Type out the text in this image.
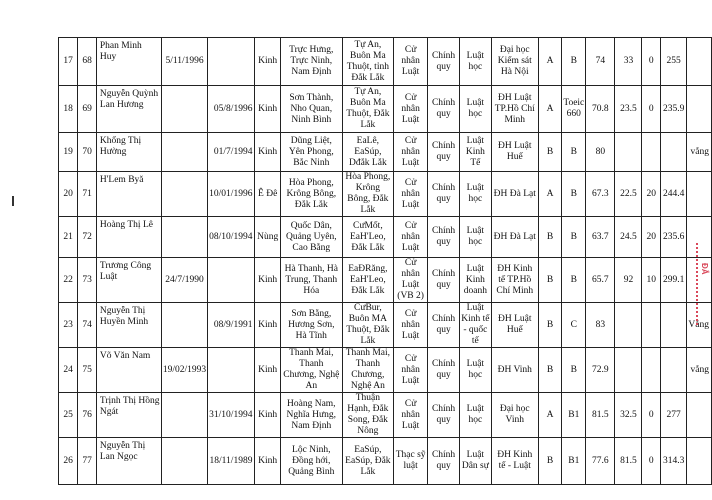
17	68	Phan Minh Huy	5/11/1996		Kinh	Trực Hưng, Trực Ninh, Nam Định	Tự An, Buôn Ma Thuột, tỉnh Đắk Lắk	Cử nhân Luật	Chính quy	Luật học	Đại học Kiểm sát Hà Nội	A	B	74	33	0	255	
18	69	Nguyễn Quỳnh Lan Hương		05/8/1996	Kinh	Sơn Thành, Nho Quan, Ninh Bình	Tự An, Buôn Ma Thuột, Đắk Lắk	Cử nhân Luật	Chính quy	Luật học	ĐH Luật TP.Hồ Chí Minh	A	Toeic 660	70.8	23.5	0	235.9	
19	70	Khổng Thị Hường		01/7/1994	Kinh	Dũng Liệt, Yên Phong, Bắc Ninh	EaLê, EaSúp, Dđắk Lắk	Cử nhân Luật	Chính quy	Luật Kinh Tế	ĐH Luật Huế	B	B	80				vắng
20	71	H'Lem Byă		10/01/1996	Ê Đê	Hòa Phong, Krông Bông, Đắk Lắk	Hòa Phong, Krông Bông, Đắk Lắk	Cử nhân Luật	Chính quy	Luật học	ĐH Đà Lạt	A	B	67.3	22.5	20	244.4	
21	72	Hoàng Thị Lê		08/10/1994	Nùng	Quốc Dân, Quảng Uyên, Cao Bằng	CưMốt, EaH'Leo, Đắk Lắk	Cử nhân Luật	Chính quy	Luật học	ĐH Đà Lạt	B	B	63.7	24.5	20	235.6	
22	73	Trương Công Luật	24/7/1990		Kinh	Hà Thanh, Hà Trung, Thanh Hóa	EaĐRăng, EaH'Leo, Đắk Lắk	Cử nhân Luật (VB 2)	Chính quy	Luật Kinh doanh	ĐH Kinh tế TP.Hồ Chí Minh	B	B	65.7	92	10	299.1	
23	74	Nguyễn Thị Huyền Minh		08/9/1991	Kinh	Sơn Bằng, Hương Sơn, Hà Tĩnh	CưBur, Buôn MA Thuột, Đắk Lắk	Cử nhân Luật	Chính quy	Luật Kinh tế - quốc tế	ĐH Luật Huế	B	C	83				Vắng
24	75	Võ Văn Nam	19/02/1993		Kinh	Thanh Mai, Thanh Chương, Nghệ An	Thanh Mai, Thanh Chương, Nghệ An	Cử nhân Luật	Chính quy	Luật học	ĐH Vinh	B	B	72.9				vắng
25	76	Trịnh Thị Hồng Ngát		31/10/1994	Kinh	Hoàng Nam, Nghĩa Hưng, Nam Định	Thuận Hạnh, Đắk Song, Đắk Nông	Cử nhân Luật	Chính quy	Luật học	Đại học Vinh	A	B1	81.5	32.5	0	277	
26	77	Nguyễn Thị Lan Ngọc		18/11/1989	Kinh	Lộc Ninh, Đồng hới, Quảng Bình	EaSúp, EaSúp, Đắk Lắk	Thạc sỹ luật	Chính quy	Luật Dân sự	ĐH Kinh tế - Luật	B	B1	77.6	81.5	0	314.3	
ĐẮ
